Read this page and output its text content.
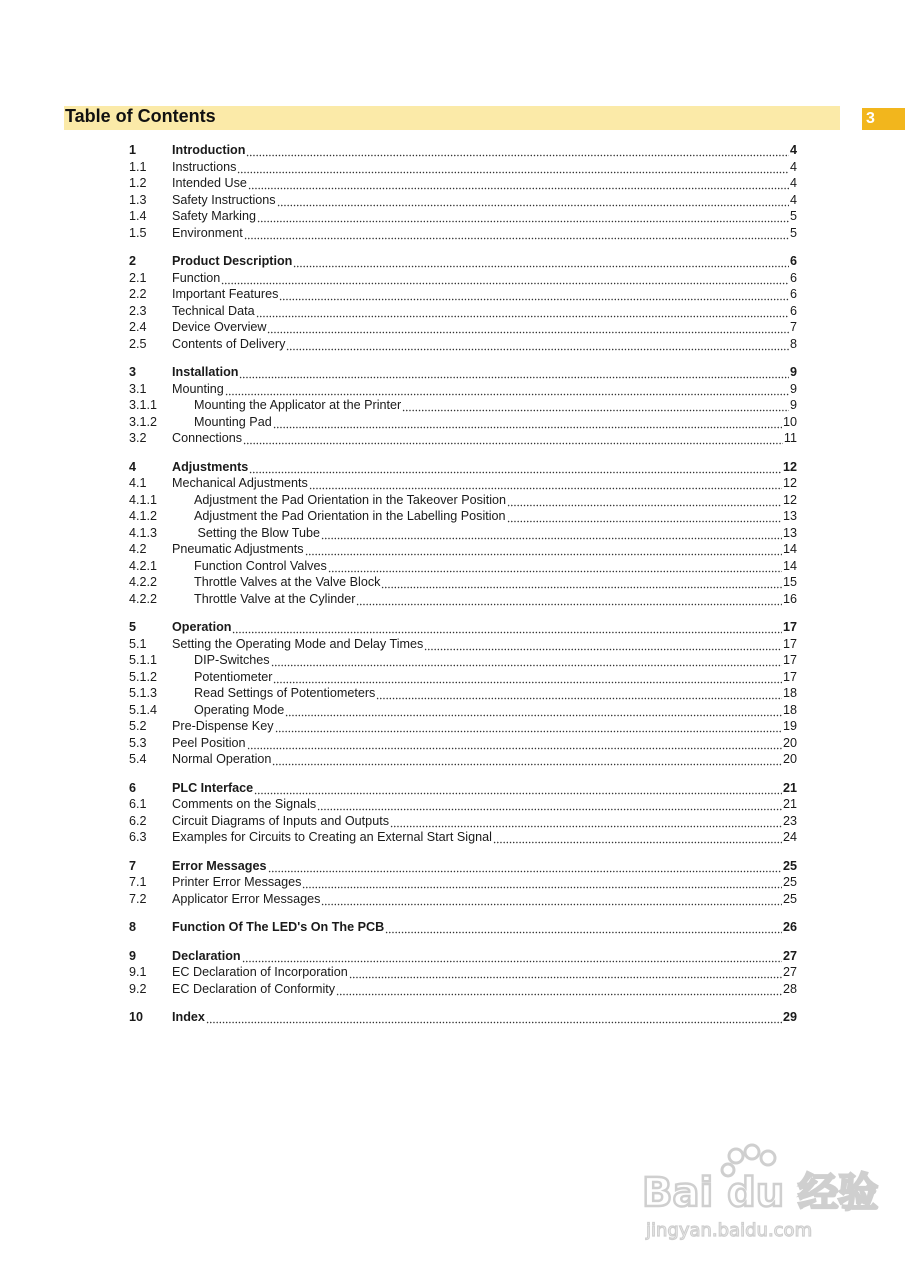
Table of Contents	3
1	Introduction	4
1.1 Instructions	4
1.2 Intended Use	4
1.3 Safety Instructions	4
1.4 Safety Marking	5
1.5 Environment	5
2	Product Description	6
2.1 Function	6
2.2 Important Features	6
2.3 Technical Data	6
2.4 Device Overview	7
2.5 Contents of Delivery	8
3	Installation	9
3.1 Mounting	9
3.1.1	Mounting the Applicator at the Printer	9
3.1.2	Mounting Pad	10
3.2 Connections	11
4	Adjustments	12
4.1 Mechanical Adjustments	12
4.1.1	Adjustment the Pad Orientation in the Takeover Position	12
4.1.2	Adjustment the Pad Orientation in the Labelling Position	13
4.1.3	Setting the Blow Tube	13
4.2 Pneumatic Adjustments	14
4.2.1	Function Control Valves	14
4.2.2	Throttle Valves at the Valve Block	15
4.2.2	Throttle Valve at the Cylinder	16
5	Operation	17
5.1 Setting the Operating Mode and Delay Times	17
5.1.1	DIP-Switches	17
5.1.2	Potentiometer	17
5.1.3	Read Settings of Potentiometers	18
5.1.4	Operating Mode	18
5.2 Pre-Dispense Key	19
5.3 Peel Position	20
5.4 Normal Operation	20
6	PLC Interface	21
6.1 Comments on the Signals	21
6.2 Circuit Diagrams of Inputs and Outputs	23
6.3 Examples for Circuits to Creating an External Start Signal	24
7	Error Messages	25
7.1 Printer Error Messages	25
7.2 Applicator Error Messages	25
8	Function Of The LED's On The PCB	26
9	Declaration	27
9.1 EC Declaration of Incorporation	27
9.2 EC Declaration of Conformity	28
10 Index	29
Bai du 经验
jingyan.baidu.com
